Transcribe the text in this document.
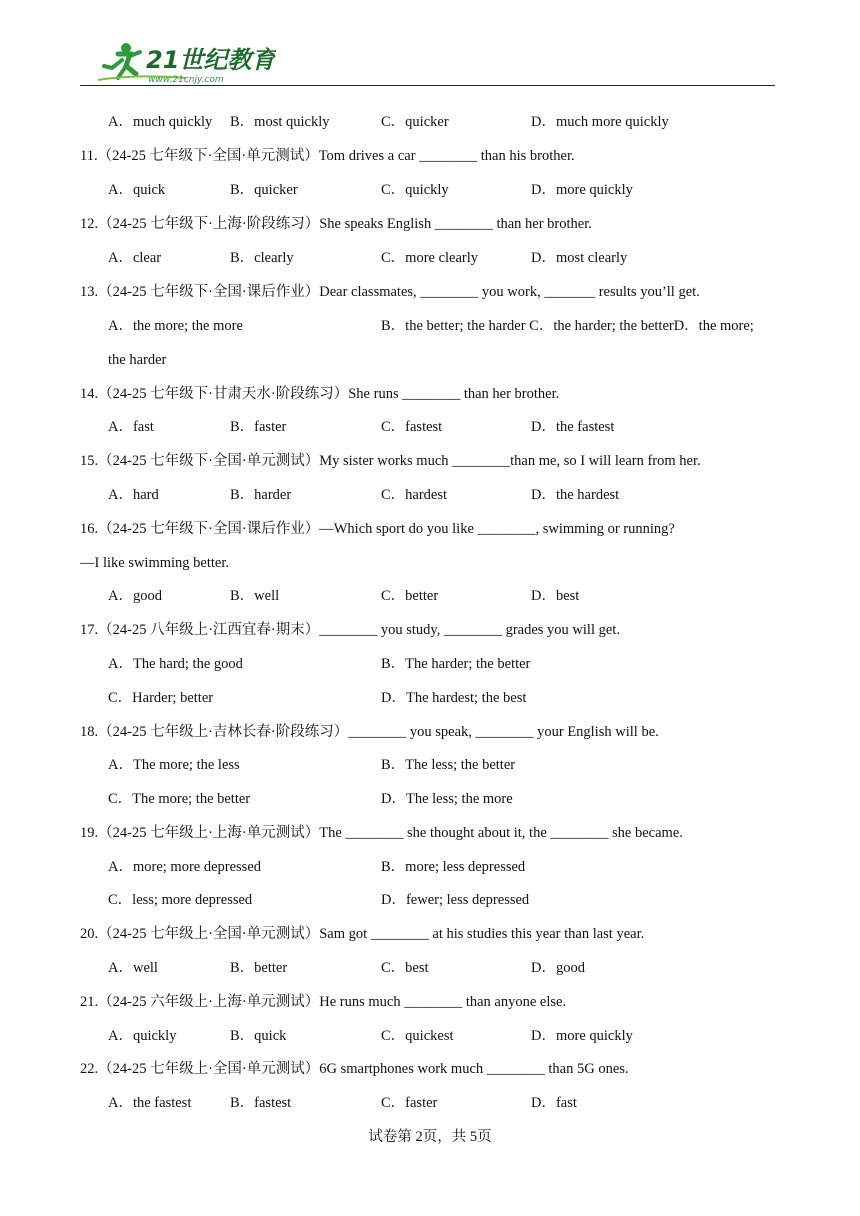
21世纪教育
www.21cnjy.com
A．much quickly B．most quickly	C．quicker	D．much more quickly
11.（24-25 七年级下·全国·单元测试）Tom drives a car ________ than his brother.
A．quick	B．quicker	C．quickly	D．more quickly
12.（24-25 七年级下·上海·阶段练习）She speaks English ________ than her brother.
A．clear	B．clearly	C．more clearly	D．most clearly
13.（24-25 七年级下·全国·课后作业）Dear classmates, ________ you work, _______ results you’ll get.
A．the more; the more	B．the better; the harder C．the harder; the betterD．the more;
the harder
14.（24-25 七年级下·甘肃天水·阶段练习）She runs ________ than her brother.
A．fast	B．faster	C．fastest	D．the fastest
15.（24-25 七年级下·全国·单元测试）My sister works much ________than me, so I will learn from her.
A．hard	B．harder	C．hardest	D．the hardest
16.（24-25 七年级下·全国·课后作业）—Which sport do you like ________, swimming or running?
—I like swimming better.
A．good	B．well	C．better	D．best
17.（24-25 八年级上·江西宜春·期末）________ you study, ________ grades you will get.
A．The hard; the good	B．The harder; the better
C．Harder; better	D．The hardest; the best
18.（24-25 七年级上·吉林长春·阶段练习）________ you speak, ________ your English will be.
A．The more; the less	B．The less; the better
C．The more; the better	D．The less; the more
19.（24-25 七年级上·上海·单元测试）The ________ she thought about it, the ________ she became.
A．more; more depressed	B．more; less depressed
C．less; more depressed	D．fewer; less depressed
20.（24-25 七年级上·全国·单元测试）Sam got ________ at his studies this year than last year.
A．well	B．better	C．best	D．good
21.（24-25 六年级上·上海·单元测试）He runs much ________ than anyone else.
A．quickly	B．quick	C．quickest	D．more quickly
22.（24-25 七年级上·全国·单元测试）6G smartphones work much ________ than 5G ones.
A．the fastest	B．fastest	C．faster	D．fast
试卷第 2页，共 5页
